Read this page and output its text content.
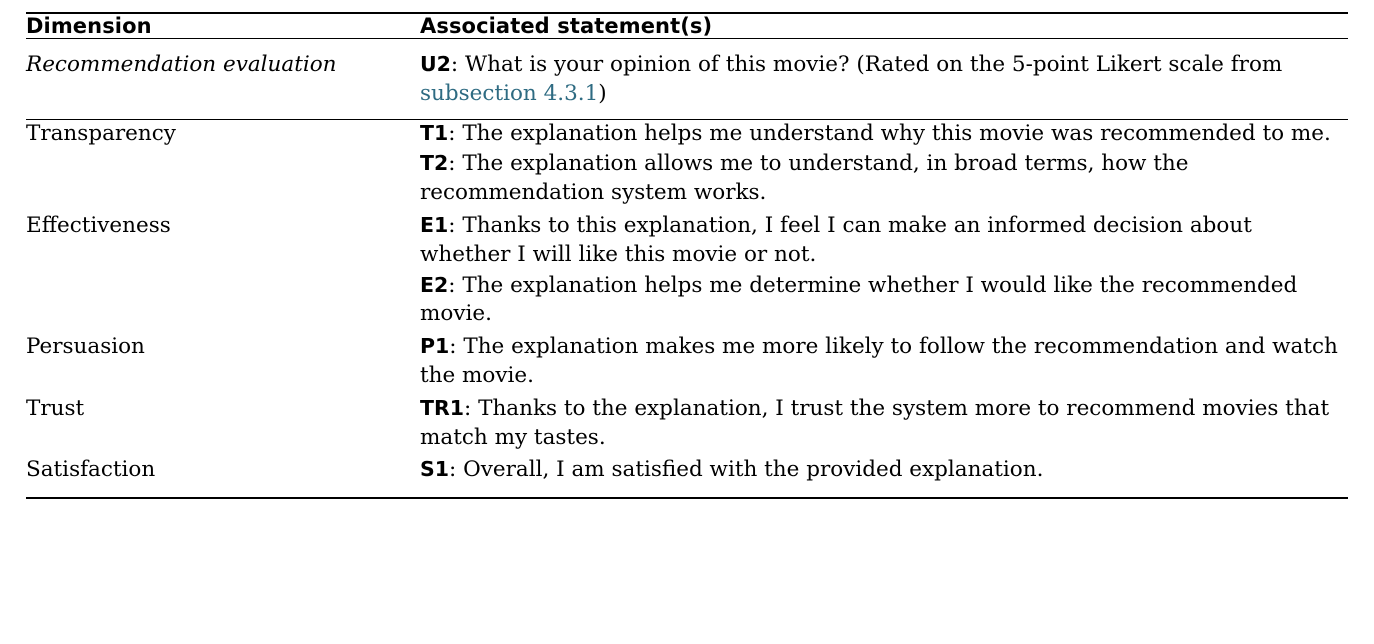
Dimension	Associated statement(s)
Recommendation evaluation	U2: What is your opinion of this movie? (Rated on the 5-point Likert scale from subsection 4.3.1)

Transparency	T1: The explanation helps me understand why this movie was recommended to me.

T2: The explanation allows me to understand, in broad terms, how the recommendation system works.

Effectiveness	E1: Thanks to this explanation, I feel I can make an informed decision about whether I will like this movie or not.

E2: The explanation helps me determine whether I would like the recommended movie.

Persuasion	P1: The explanation makes me more likely to follow the recommendation and watch the movie.

Trust	TR1: Thanks to the explanation, I trust the system more to recommend movies that match my tastes.

Satisfaction	S1: Overall, I am satisfied with the provided explanation.
